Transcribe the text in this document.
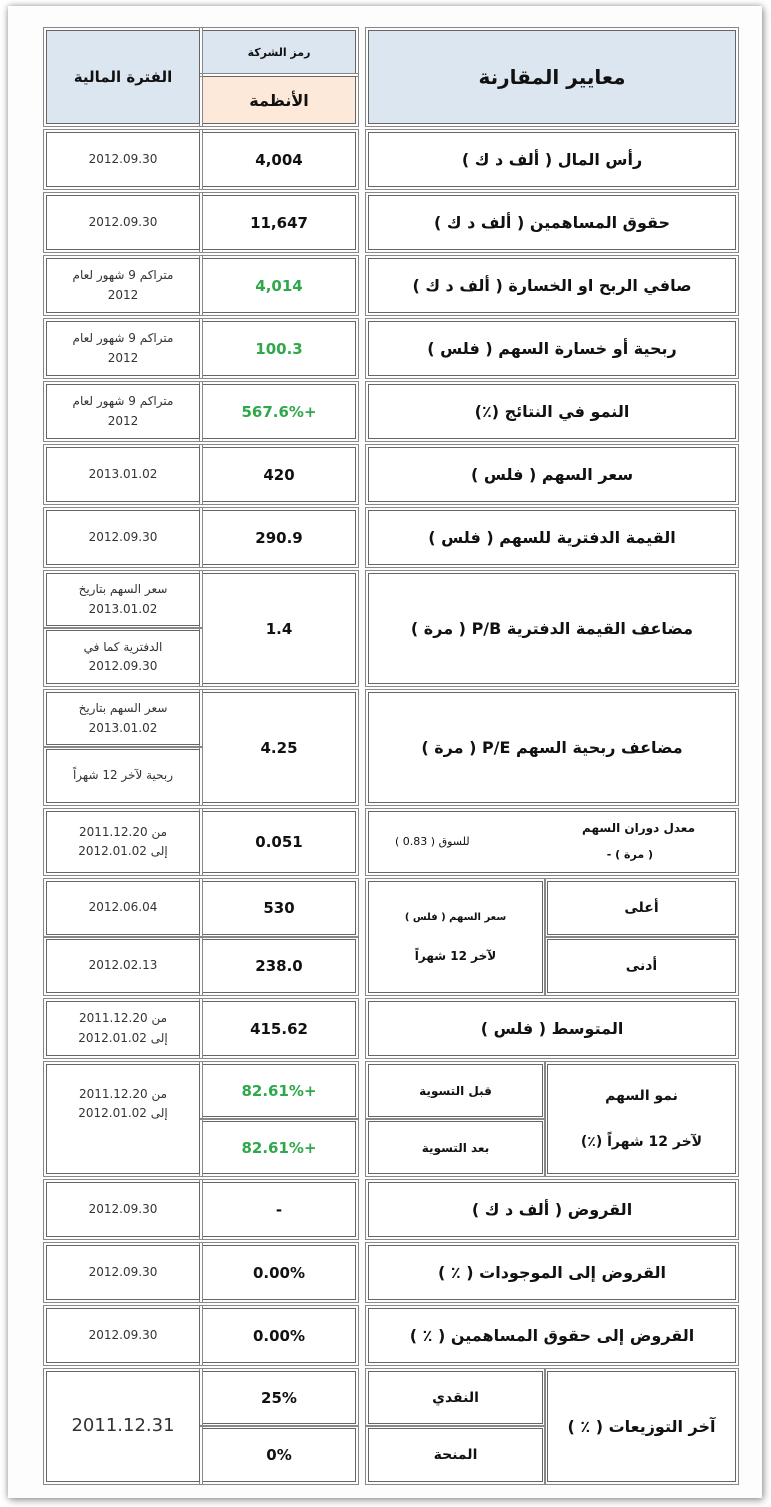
معايير المقارنة
رمز الشركة
الأنظمة
الفترة المالية
رأس المال ( ألف د ك )
4,004
2012.09.30
حقوق المساهمين ( ألف د ك )
11,647
2012.09.30
صافي الربح او الخسارة ( ألف د ك )
4,014
متراكم 9 شهور لعام 2012
ربحية أو خسارة السهم ( فلس )
100.3
متراكم 9 شهور لعام 2012
النمو في النتائج (٪)
567.6%+
متراكم 9 شهور لعام 2012
سعر السهم ( فلس )
420
2013.01.02
القيمة الدفترية للسهم ( فلس )
290.9
2012.09.30
مضاعف القيمة الدفترية P/B ( مرة )
1.4
سعر السهم بتاريخ 2013.01.02
الدفترية كما في 2012.09.30
مضاعف ربحية السهم P/E ( مرة )
4.25
سعر السهم بتاريخ 2013.01.02
ربحية لآخر 12 شهراً
معدل دوران السهم
( مرة ) -
للسوق ( 0.83 )
0.051
من 2011.12.20 إلى 2012.01.02
سعر السهم ( فلس )
لآخر 12 شهراً
أعلى
أدنى
530
238.0
2012.06.04
2012.02.13
المتوسط ( فلس )
415.62
من 2011.12.20 إلى 2012.01.02
نمو السهم
لآخر 12 شهراً (٪)
قبل التسوية
بعد التسوية
82.61%+
82.61%+
من 2011.12.20 إلى 2012.01.02
القروض ( ألف د ك )
-
2012.09.30
القروض إلى الموجودات ( ٪ )
0.00%
2012.09.30
القروض إلى حقوق المساهمين ( ٪ )
0.00%
2012.09.30
آخر التوزيعات ( ٪ )
النقدي
المنحة
25%
0%
2011.12.31
